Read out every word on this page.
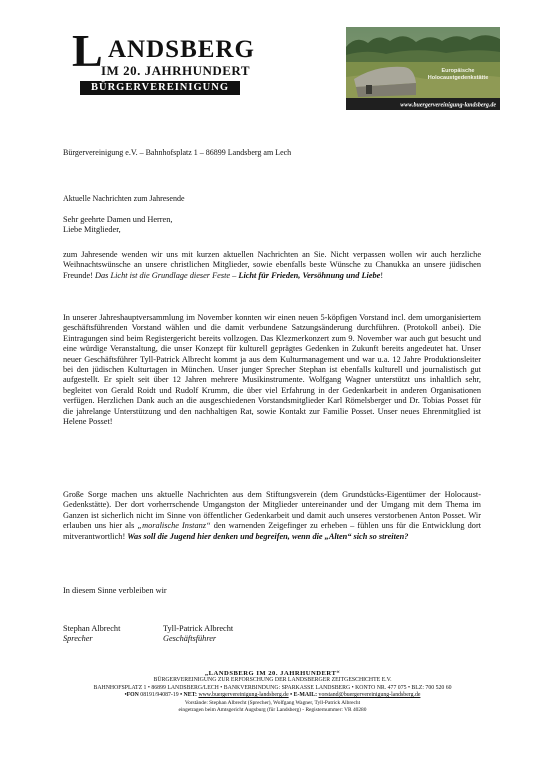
L ANDSBERG
IM 20. JAHRHUNDERT
BÜRGERVEREINIGUNG
Europäische
Holocaustgedenkstätte
www.buergervereinigung-landsberg.de
Bürgervereinigung e.V. – Bahnhofsplatz 1 – 86899 Landsberg am Lech
Aktuelle Nachrichten zum Jahresende

Sehr geehrte Damen und Herren,

Liebe Mitglieder,

zum Jahresende wenden wir uns mit kurzen aktuellen Nachrichten an Sie. Nicht verpassen wollen wir auch herzliche Weihnachtswünsche an unsere christlichen Mitglieder, sowie ebenfalls beste Wünsche zu Chanukka an unsere jüdischen Freunde! Das Licht ist die Grundlage dieser Feste – Licht für Frieden, Versöhnung und Liebe!

In unserer Jahreshauptversammlung im November konnten wir einen neuen 5-köpfigen Vorstand incl. dem umorganisiertem geschäftsführenden Vorstand wählen und die damit verbundene Satzungsänderung durchführen. (Protokoll anbei). Die Eintragungen sind beim Registergericht bereits vollzogen. Das Klezmerkonzert zum 9. November war auch gut besucht und eine würdige Veranstaltung, die unser Konzept für kulturell geprägtes Gedenken in Zukunft bereits angedeutet hat. Unser neuer Geschäftsführer Tyll-Patrick Albrecht kommt ja aus dem Kulturmanagement und war u.a. 12 Jahre Produktionsleiter bei den jüdischen Kulturtagen in München. Unser junger Sprecher Stephan ist ebenfalls kulturell und journalistisch gut aufgestellt. Er spielt seit über 12 Jahren mehrere Musikinstrumente. Wolfgang Wagner unterstützt uns inhaltlich sehr, begleitet von Gerald Roidt und Rudolf Krumm, die über viel Erfahrung in der Gedenkarbeit in anderen Organisationen verfügen. Herzlichen Dank auch an die ausgeschiedenen Vorstandsmitglieder Karl Römelsberger und Dr. Tobias Posset für die jahrelange Unterstützung und den nachhaltigen Rat, sowie Kontakt zur Familie Posset. Unser neues Ehrenmitglied ist Helene Posset!

Große Sorge machen uns aktuelle Nachrichten aus dem Stiftungsverein (dem Grundstücks-Eigentümer der Holocaust-Gedenkstätte). Der dort vorherrschende Umgangston der Mitglieder untereinander und der Umgang mit dem Thema im Ganzen ist sicherlich nicht im Sinne von öffentlicher Gedenkarbeit und damit auch unseres verstorbenen Anton Posset. Wir erlauben uns hier als „moralische Instanz“ den warnenden Zeigefinger zu erheben – fühlen uns für die Entwicklung dort mitverantwortlich! Was soll die Jugend hier denken und begreifen, wenn die „Alten“ sich so streiten?

In diesem Sinne verbleiben wir
Stephan Albrecht
Sprecher
Tyll-Patrick Albrecht
Geschäftsführer
„LANDSBERG IM 20. JAHRHUNDERT“
BÜRGERVEREINIGUNG ZUR ERFORSCHUNG DER LANDSBERGER ZEITGESCHICHTE E.V.
BAHNHOFSPLATZ 1 • 86899 LANDSBERG/LECH • BANKVERBINDUNG: SPARKASSE LANDSBERG • KONTO NR. 477 075 • BLZ: 700 520 60
•FON 08191/94087-19 • NET: www.buergervereinigung-landsberg.de • E-MAIL: vorstand@buergervereinigung-landsberg.de
Vorstände: Stephan Albrecht (Sprecher), Wolfgang Wagner, Tyll-Patrick Albrecht
eingetragen beim Amtsgericht Augsburg (für Landsberg) - Registernummer: VR 40280
